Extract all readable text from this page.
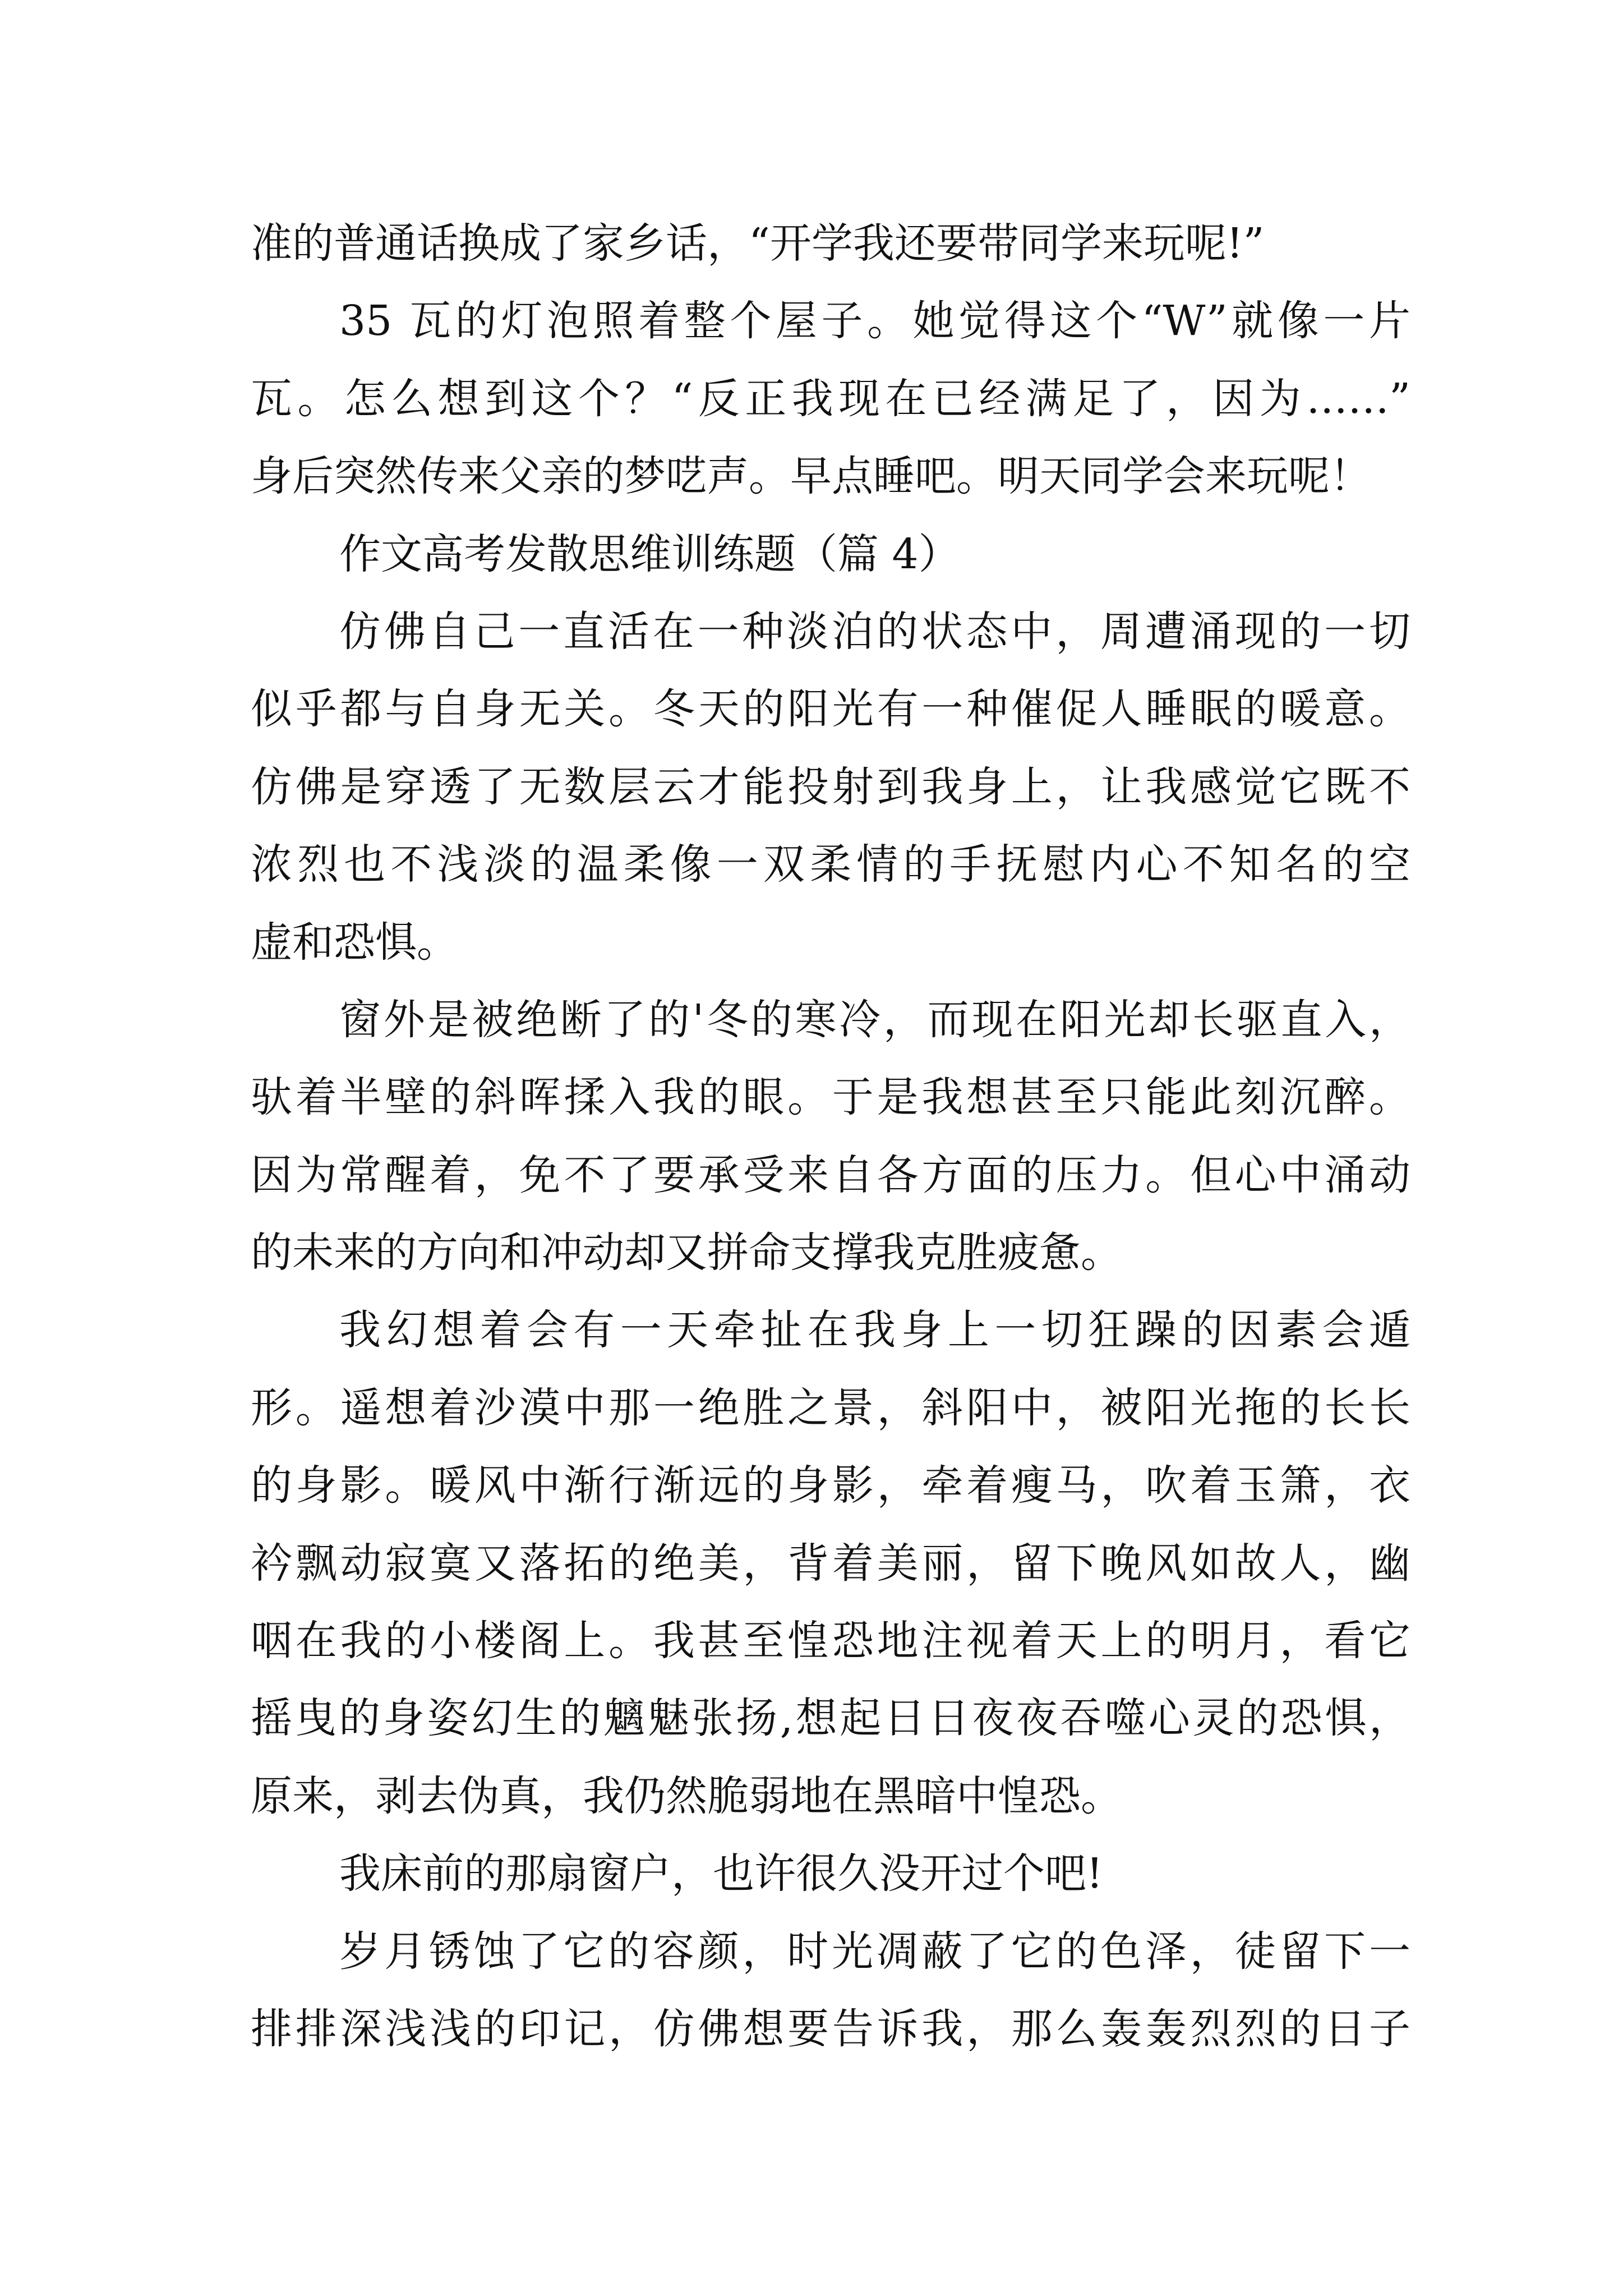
准的普通话换成了家乡话，“开学我还要带同学来玩呢!”
35 瓦的灯泡照着整个屋子。她觉得这个“W”就像一片
瓦。怎么想到这个？“反正我现在已经满足了，因为……”
身后突然传来父亲的梦呓声。早点睡吧。明天同学会来玩呢！
作文高考发散思维训练题（篇 4）
仿佛自己一直活在一种淡泊的状态中，周遭涌现的一切
似乎都与自身无关。冬天的阳光有一种催促人睡眠的暖意。
仿佛是穿透了无数层云才能投射到我身上，让我感觉它既不
浓烈也不浅淡的温柔像一双柔情的手抚慰内心不知名的空
虚和恐惧。
窗外是被绝断了的'冬的寒冷，而现在阳光却长驱直入，
驮着半壁的斜晖揉入我的眼。于是我想甚至只能此刻沉醉。
因为常醒着，免不了要承受来自各方面的压力。但心中涌动
的未来的方向和冲动却又拼命支撑我克胜疲惫。
我幻想着会有一天牵扯在我身上一切狂躁的因素会遁
形。遥想着沙漠中那一绝胜之景，斜阳中，被阳光拖的长长
的身影。暖风中渐行渐远的身影，牵着瘦马，吹着玉箫，衣
衿飘动寂寞又落拓的绝美，背着美丽，留下晚风如故人，幽
咽在我的小楼阁上。我甚至惶恐地注视着天上的明月，看它
摇曳的身姿幻生的魑魅张扬,想起日日夜夜吞噬心灵的恐惧，
原来，剥去伪真，我仍然脆弱地在黑暗中惶恐。
我床前的那扇窗户，也许很久没开过个吧!
岁月锈蚀了它的容颜，时光凋蔽了它的色泽，徒留下一
排排深浅浅的印记，仿佛想要告诉我，那么轰轰烈烈的日子
